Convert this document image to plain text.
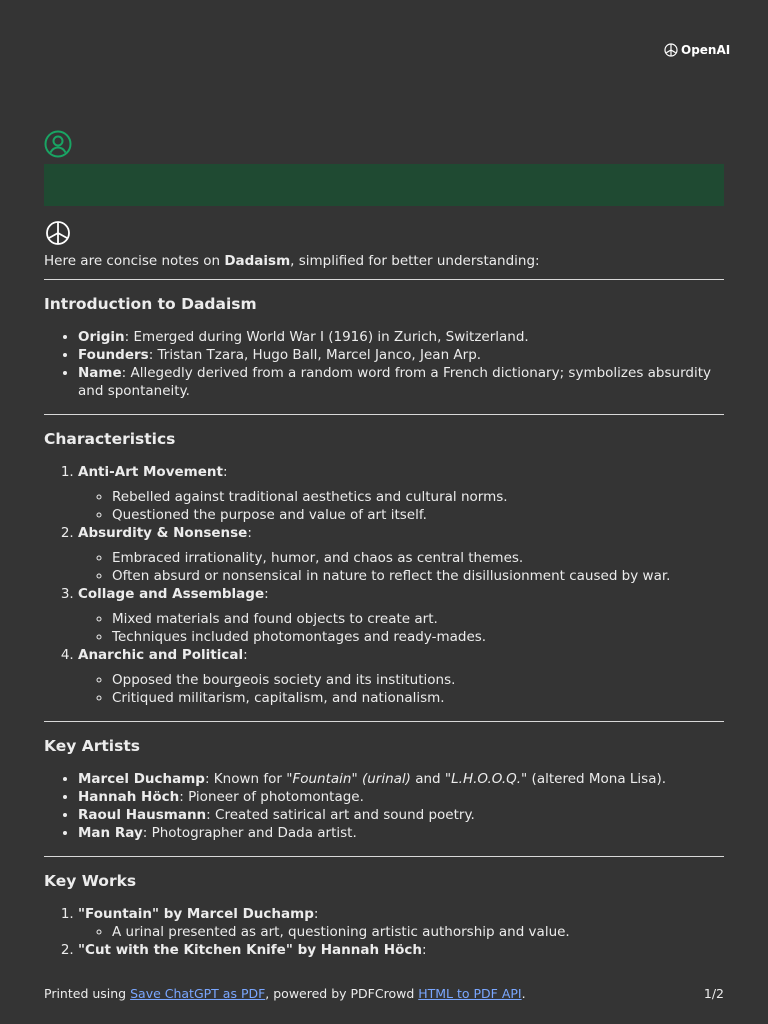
OpenAI

Here are concise notes on Dadaism, simplified for better understanding:

Introduction to Dadaism
• Origin: Emerged during World War I (1916) in Zurich, Switzerland.
• Founders: Tristan Tzara, Hugo Ball, Marcel Janco, Jean Arp.
• Name: Allegedly derived from a random word from a French dictionary; symbolizes absurdity and spontaneity.
Characteristics
1. Anti-Art Movement:
◦ Rebelled against traditional aesthetics and cultural norms.
◦ Questioned the purpose and value of art itself.
2. Absurdity & Nonsense:
◦ Embraced irrationality, humor, and chaos as central themes.
◦ Often absurd or nonsensical in nature to reflect the disillusionment caused by war.
3. Collage and Assemblage:
◦ Mixed materials and found objects to create art.
◦ Techniques included photomontages and ready-mades.
4. Anarchic and Political:
◦ Opposed the bourgeois society and its institutions.
◦ Critiqued militarism, capitalism, and nationalism.
Key Artists
• Marcel Duchamp: Known for "Fountain" (urinal) and "L.H.O.O.Q." (altered Mona Lisa).
• Hannah Höch: Pioneer of photomontage.
• Raoul Hausmann: Created satirical art and sound poetry.
• Man Ray: Photographer and Dada artist.
Key Works
1. "Fountain" by Marcel Duchamp:
◦ A urinal presented as art, questioning artistic authorship and value.
2. "Cut with the Kitchen Knife" by Hannah Höch:
Printed using Save ChatGPT as PDF, powered by PDFCrowd HTML to PDF API.	1/2
